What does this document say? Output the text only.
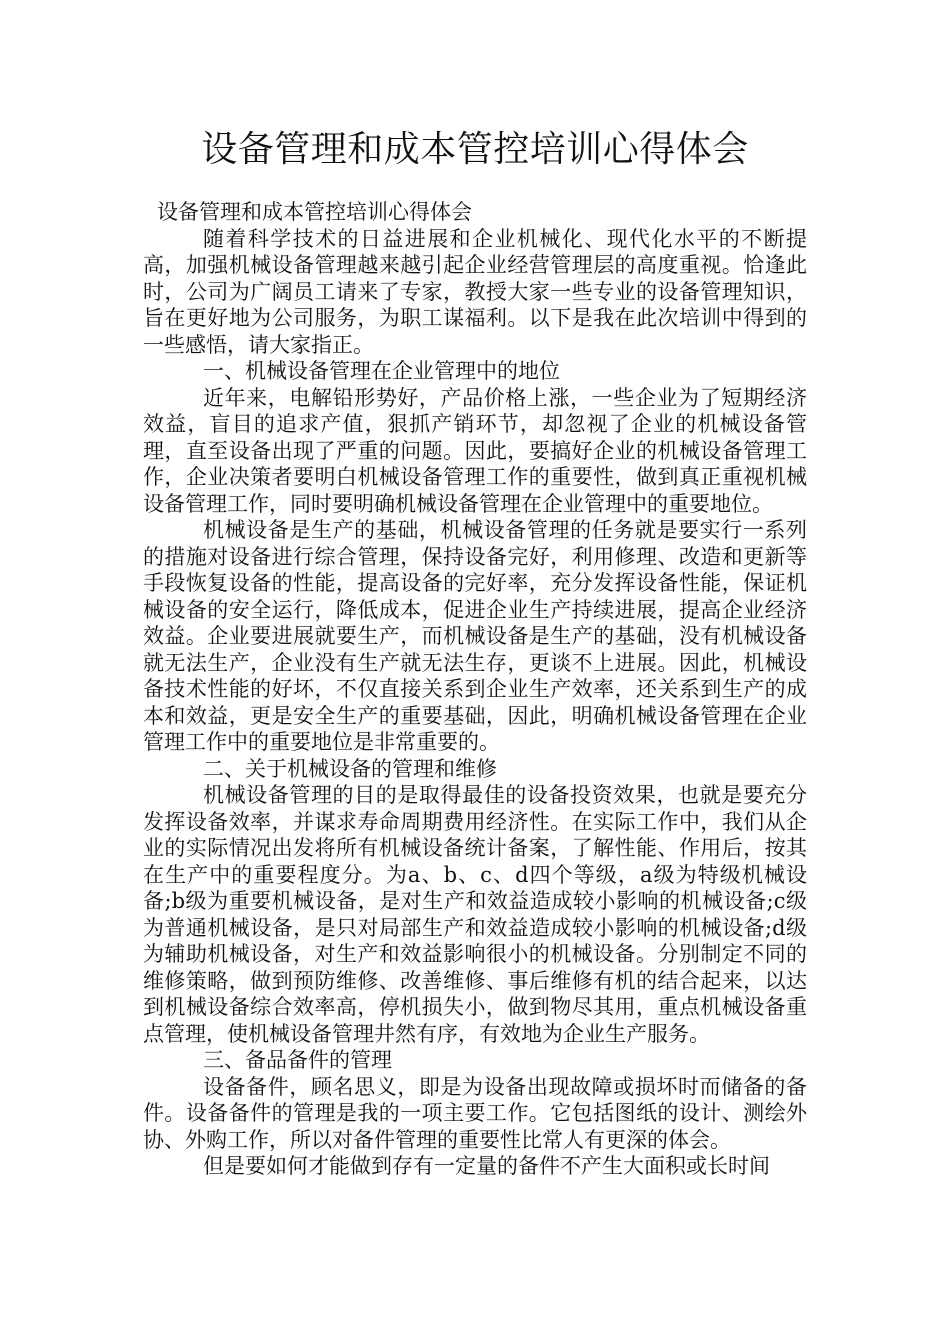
设备管理和成本管控培训心得体会

设备管理和成本管控培训心得体会

随着科学技术的日益进展和企业机械化、现代化水平的不断提高，加强机械设备管理越来越引起企业经营管理层的高度重视。恰逢此时，公司为广阔员工请来了专家，教授大家一些专业的设备管理知识，旨在更好地为公司服务，为职工谋福利。以下是我在此次培训中得到的一些感悟，请大家指正。

一、机械设备管理在企业管理中的地位

近年来，电解铅形势好，产品价格上涨，一些企业为了短期经济效益，盲目的追求产值，狠抓产销环节，却忽视了企业的机械设备管理，直至设备出现了严重的问题。因此，要搞好企业的机械设备管理工作，企业决策者要明白机械设备管理工作的重要性，做到真正重视机械设备管理工作，同时要明确机械设备管理在企业管理中的重要地位。

机械设备是生产的基础，机械设备管理的任务就是要实行一系列的措施对设备进行综合管理，保持设备完好，利用修理、改造和更新等手段恢复设备的性能，提高设备的完好率，充分发挥设备性能，保证机械设备的安全运行，降低成本，促进企业生产持续进展，提高企业经济效益。企业要进展就要生产，而机械设备是生产的基础，没有机械设备就无法生产，企业没有生产就无法生存，更谈不上进展。因此，机械设备技术性能的好坏，不仅直接关系到企业生产效率，还关系到生产的成本和效益，更是安全生产的重要基础，因此，明确机械设备管理在企业管理工作中的重要地位是非常重要的。

二、关于机械设备的管理和维修

机械设备管理的目的是取得最佳的设备投资效果，也就是要充分发挥设备效率，并谋求寿命周期费用经济性。在实际工作中，我们从企业的实际情况出发将所有机械设备统计备案，了解性能、作用后，按其在生产中的重要程度分。为a、b、c、d四个等级，a级为特级机械设备;b级为重要机械设备，是对生产和效益造成较小影响的机械设备;c级为普通机械设备，是只对局部生产和效益造成较小影响的机械设备;d级为辅助机械设备，对生产和效益影响很小的机械设备。分别制定不同的维修策略，做到预防维修、改善维修、事后维修有机的结合起来，以达到机械设备综合效率高，停机损失小，做到物尽其用，重点机械设备重点管理，使机械设备管理井然有序，有效地为企业生产服务。

三、备品备件的管理

设备备件，顾名思义，即是为设备出现故障或损坏时而储备的备件。设备备件的管理是我的一项主要工作。它包括图纸的设计、测绘外协、外购工作，所以对备件管理的重要性比常人有更深的体会。

但是要如何才能做到存有一定量的备件不产生大面积或长时间
